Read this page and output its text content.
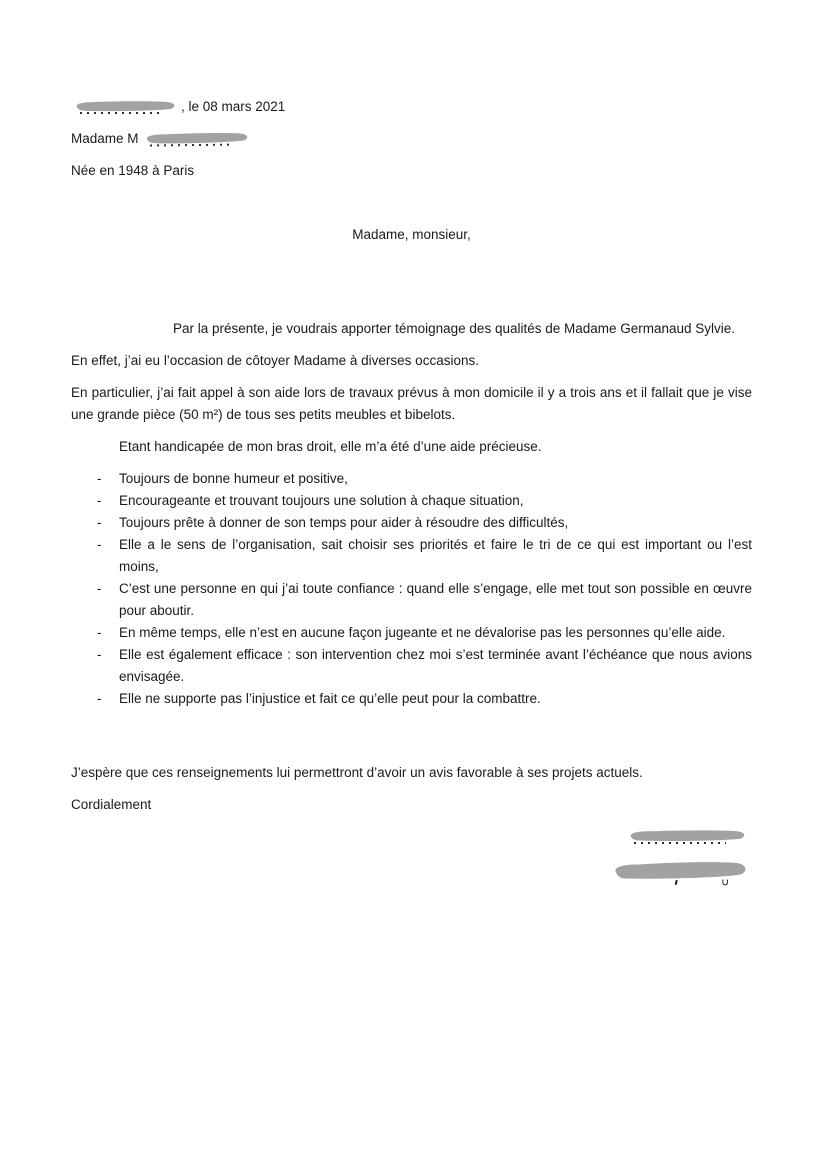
, le 08 mars 2021

Madame M

Née en 1948 à Paris

Madame, monsieur,

Par la présente, je voudrais apporter témoignage des qualités de Madame Germanaud Sylvie.

En effet, j’ai eu l’occasion de côtoyer Madame à diverses occasions.

En particulier, j’ai fait appel à son aide lors de travaux prévus à mon domicile il y a trois ans et il fallait que je vise une grande pièce (50 m²) de tous ses petits meubles et bibelots.

Etant handicapée de mon bras droit, elle m’a été d’une aide précieuse.

-	Toujours de bonne humeur et positive,
-	Encourageante et trouvant toujours une solution à chaque situation,
-	Toujours prête à donner de son temps pour aider à résoudre des difficultés,
-	Elle a le sens de l’organisation, sait choisir ses priorités et faire le tri de ce qui est important ou l’est moins,
-	C’est une personne en qui j’ai toute confiance : quand elle s’engage, elle met tout son possible en œuvre pour aboutir.
-	En même temps, elle n’est en aucune façon jugeante et ne dévalorise pas les personnes qu’elle aide.
-	Elle est également efficace : son intervention chez moi s’est terminée avant l’échéance que nous avions envisagée.
-	Elle ne supporte pas l’injustice et fait ce qu’elle peut pour la combattre.

J’espère que ces renseignements lui permettront d’avoir un avis favorable à ses projets actuels.

Cordialement
